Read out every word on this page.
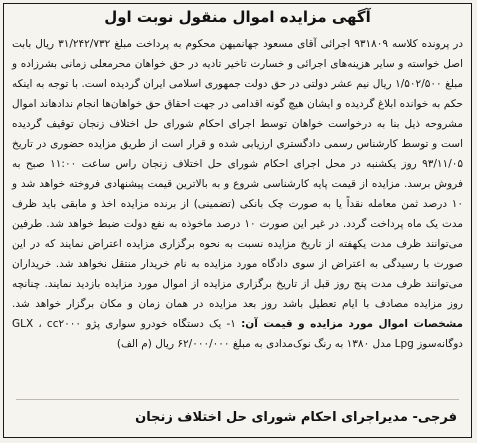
آگهی مزایده اموال منقول نوبت اول
در پرونده کلاسه ۹۳۱۸۰۹ اجرائی آقای مسعود جهانمیهن محکوم به پرداخت مبلغ ۳۱/۲۴۲/۷۳۲ ریال بابت اصل خواسته و سایر هزینه‌های اجرائی و خسارت تاخیر تادیه در حق خواهان محرمعلی زمانی بشرزاده و مبلغ ۱/۵۰۲/۵۰۰ ریال نیم عشر دولتی در حق دولت جمهوری اسلامی ایران گردیده است. با توجه به اینکه حکم به خوانده ابلاغ گردیده و ایشان هیچ گونه اقدامی در جهت احقاق حق خواهان‌ها انجام ندادهاند اموال مشروحه ذیل بنا به درخواست خواهان توسط اجرای احکام شورای حل اختلاف زنجان توقیف گردیده است و توسط کارشناس رسمی دادگستری ارزیابی شده و قرار است از طریق مزایده حضوری در تاریخ ۹۳/۱۱/۰۵ روز یکشنبه در محل اجرای احکام شورای حل اختلاف زنجان راس ساعت ۱۱:۰۰ صبح به فروش برسد. مزایده از قیمت پایه کارشناسی شروع و به بالاترین قیمت پیشنهادی فروخته خواهد شد و ۱۰ درصد ثمن معامله نقداً یا به صورت چک بانکی (تضمینی) از برنده مزایده اخذ و مابقی باید ظرف مدت یک ماه پرداخت گردد. در غیر این صورت ۱۰ درصد ماخوذه به نفع دولت ضبط خواهد شد. طرفین می‌توانند ظرف مدت یکهفته از تاریخ مزایده نسبت به نحوه برگزاری مزایده اعتراض نمایند که در این صورت با رسیدگی به اعتراض از سوی دادگاه مورد مزایده به نام خریدار منتقل نخواهد شد. خریداران می‌توانند ظرف مدت پنج روز قبل از تاریخ برگزاری مزایده از اموال مورد مزایده بازدید نمایند. چنانچه روز مزایده مصادف با ایام تعطیل باشد روز بعد مزایده در همان زمان و مکان برگزار خواهد شد. مشخصات اموال مورد مزایده و قیمت آن: ۱- یک دستگاه خودرو سواری پژو GLX ، cc۲۰۰۰ دوگانه‌سوز Lpg مدل ۱۳۸۰ به رنگ نوک‌مدادی به مبلغ ۶۲/۰۰۰/۰۰۰ ریال (م الف)
فرجی- مدیراجرای احکام شورای حل اختلاف زنجان
